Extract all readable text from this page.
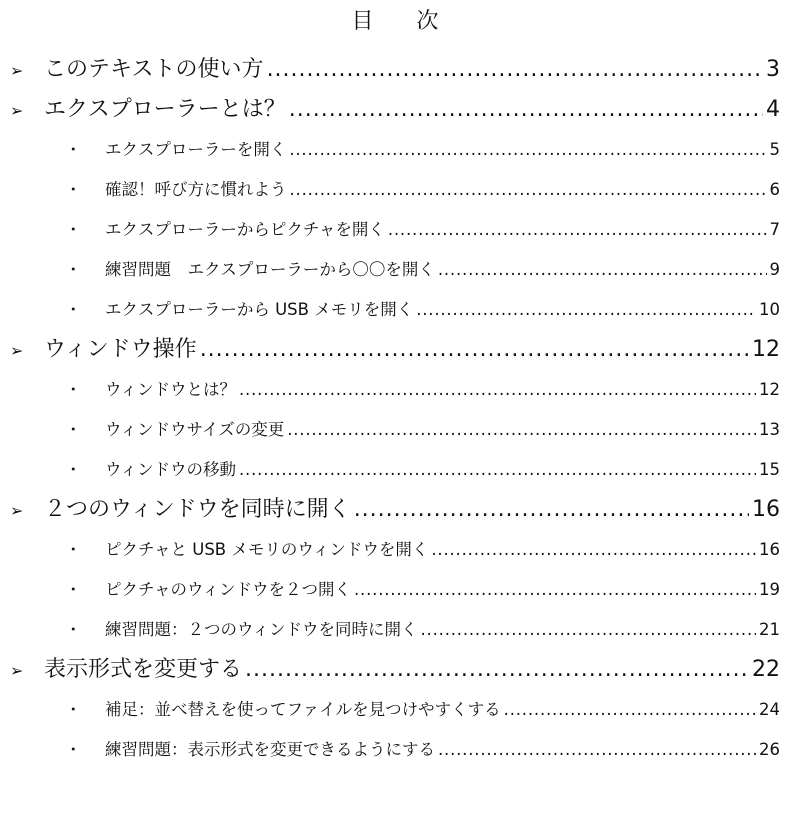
目 次
➢ このテキストの使い方 .....	3
➢ エクスプローラーとは？ .....	4
・	エクスプローラーを開く .....	5
・	確認！呼び方に慣れよう .....	6
・	エクスプローラーからピクチャを開く .....	7
・	練習問題　エクスプローラーから〇〇を開く .....	9
・	エクスプローラーから USB メモリを開く .....	10
➢ ウィンドウ操作 .....	12
・	ウィンドウとは？ .....	12
・	ウィンドウサイズの変更 .....	13
・	ウィンドウの移動 .....	15
➢ ２つのウィンドウを同時に開く .....	16
・	ピクチャと USB メモリのウィンドウを開く .....	16
・	ピクチャのウィンドウを２つ開く .....	19
・	練習問題：２つのウィンドウを同時に開く .....	21
➢ 表示形式を変更する .....	22
・	補足：並べ替えを使ってファイルを見つけやすくする .....	24
・	練習問題：表示形式を変更できるようにする .....	26
